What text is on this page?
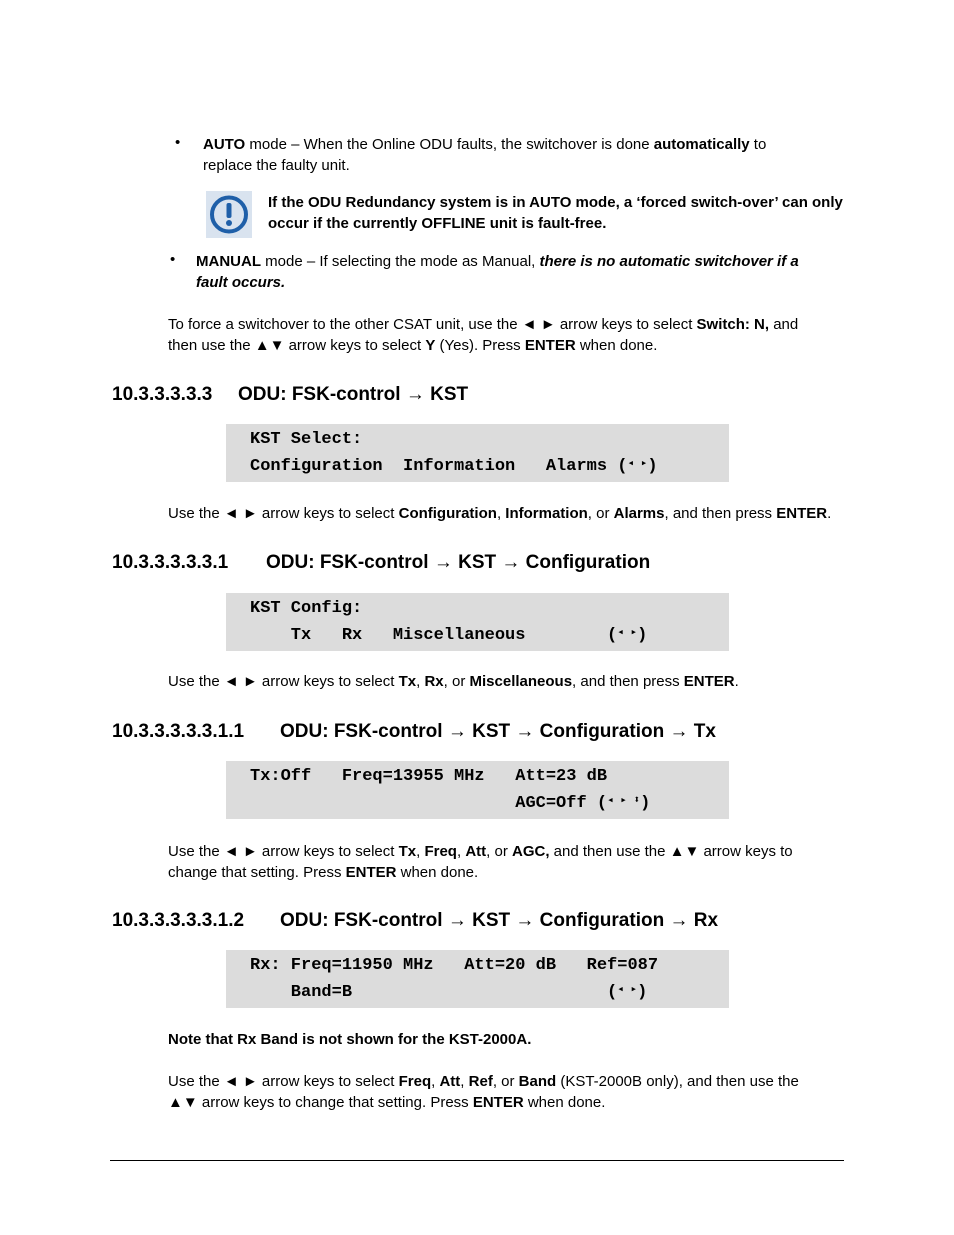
• AUTO mode – When the Online ODU faults, the switchover is done automatically to
replace the faulty unit.
If the ODU Redundancy system is in AUTO mode, a ‘forced switch-over’ can only
occur if the currently OFFLINE unit is fault-free.
• MANUAL mode – If selecting the mode as Manual, there is no automatic switchover if a
fault occurs.
To force a switchover to the other CSAT unit, use the ◄ ► arrow keys to select Switch: N, and
then use the ▲▼ arrow keys to select Y (Yes). Press ENTER when done.
10.3.3.3.3.3 ODU: FSK-control → KST
KST Select:
Configuration  Information   Alarms (◂ ▸)
Use the ◄ ► arrow keys to select Configuration, Information, or Alarms, and then press ENTER.
10.3.3.3.3.3.1 ODU: FSK-control → KST → Configuration
KST Config:
Tx   Rx   Miscellaneous        (◂ ▸)
Use the ◄ ► arrow keys to select Tx, Rx, or Miscellaneous, and then press ENTER.
10.3.3.3.3.3.1.1 ODU: FSK-control → KST → Configuration → Tx
Tx:Off   Freq=13955 MHz   Att=23 dB
AGC=Off (◂ ▸ ⬍)
Use the ◄ ► arrow keys to select Tx, Freq, Att, or AGC, and then use the ▲▼ arrow keys to
change that setting. Press ENTER when done.
10.3.3.3.3.3.1.2 ODU: FSK-control → KST → Configuration → Rx
Rx: Freq=11950 MHz   Att=20 dB   Ref=087
Band=B                         (◂ ▸)
Note that Rx Band is not shown for the KST-2000A.
Use the ◄ ► arrow keys to select Freq, Att, Ref, or Band (KST-2000B only), and then use the
▲▼ arrow keys to change that setting. Press ENTER when done.
